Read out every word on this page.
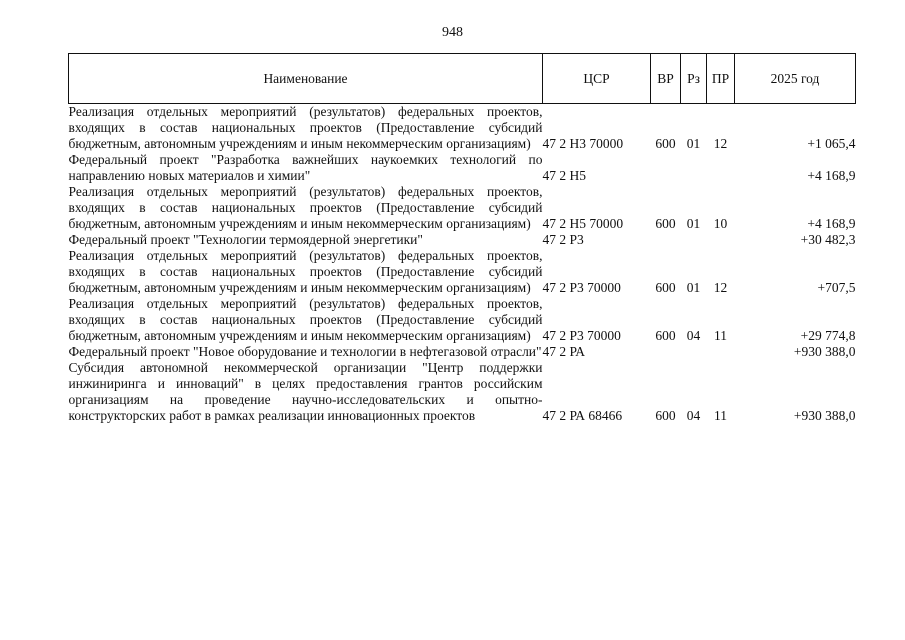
948
Наименование	ЦСР	ВР	Рз	ПР	2025 год

Реализация отдельных мероприятий (результатов) федеральных проектов, входящих в состав национальных проектов (Предоставление субсидий бюджетным, автономным учреждениям и иным некоммерческим организациям)	47 2 Н3 70000	600	01	12	+1 065,4

Федеральный проект "Разработка важнейших наукоемких технологий по направлению новых материалов и химии"	47 2 Н5				+4 168,9

Реализация отдельных мероприятий (результатов) федеральных проектов, входящих в состав национальных проектов (Предоставление субсидий бюджетным, автономным учреждениям и иным некоммерческим организациям)	47 2 Н5 70000	600	01	10	+4 168,9

Федеральный проект "Технологии термоядерной энергетики"	47 2 Р3				+30 482,3

Реализация отдельных мероприятий (результатов) федеральных проектов, входящих в состав национальных проектов (Предоставление субсидий бюджетным, автономным учреждениям и иным некоммерческим организациям)	47 2 Р3 70000	600	01	12	+707,5

Реализация отдельных мероприятий (результатов) федеральных проектов, входящих в состав национальных проектов (Предоставление субсидий бюджетным, автономным учреждениям и иным некоммерческим организациям)	47 2 Р3 70000	600	04	11	+29 774,8

Федеральный проект "Новое оборудование и технологии в нефтегазовой отрасли"	47 2 РА				+930 388,0

Субсидия автономной некоммерческой организации "Центр поддержки инжиниринга и инноваций" в целях предоставления грантов российским организациям на проведение научно-исследовательских и опытно-конструкторских работ в рамках реализации инновационных проектов	47 2 РА 68466	600	04	11	+930 388,0
